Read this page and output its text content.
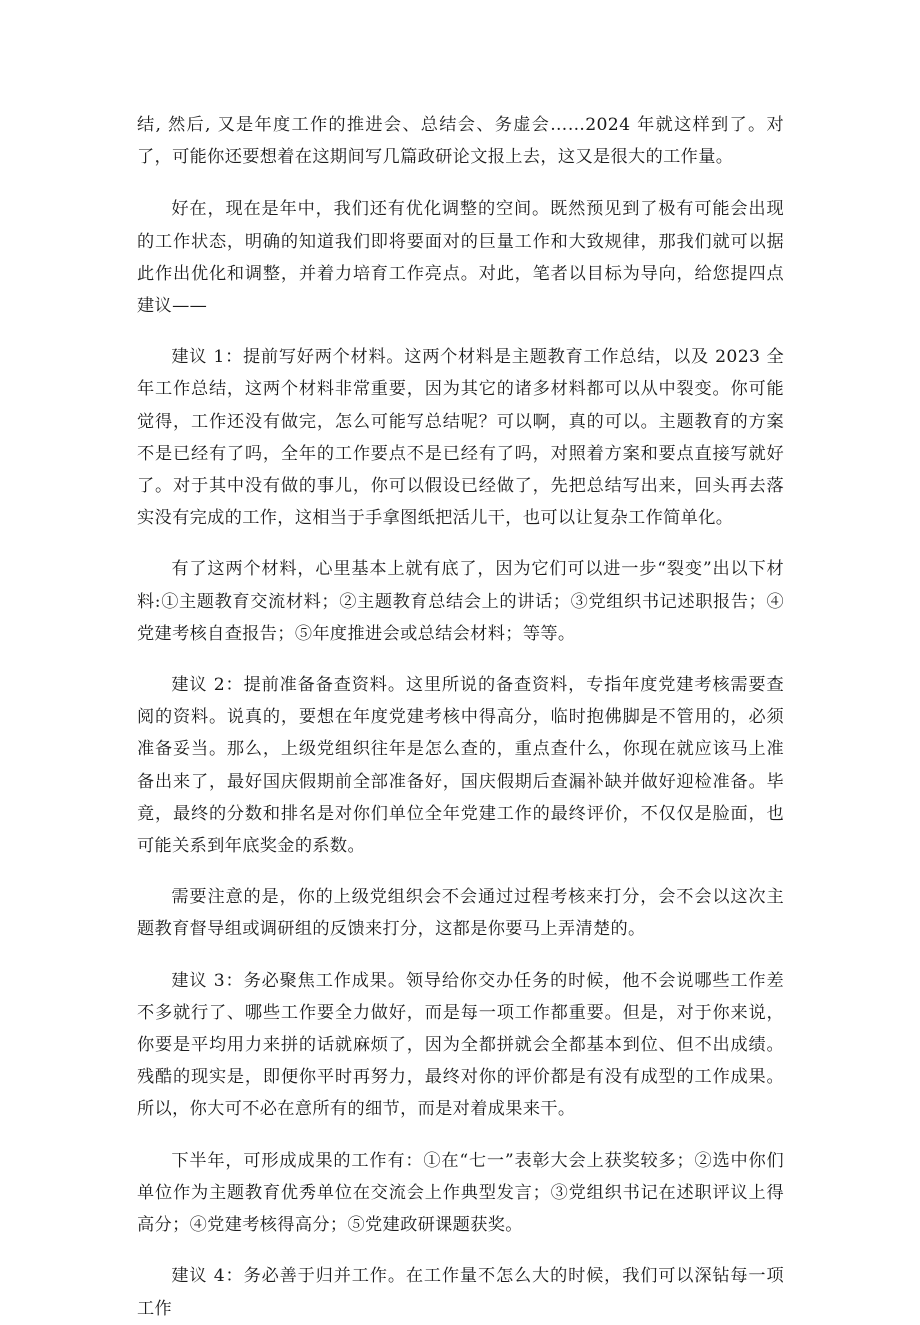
结, 然后, 又是年度工作的推进会、总结会、务虚会……2024 年就这样到了。对了，可能你还要想着在这期间写几篇政研论文报上去，这又是很大的工作量。

好在，现在是年中，我们还有优化调整的空间。既然预见到了极有可能会出现的工作状态，明确的知道我们即将要面对的巨量工作和大致规律，那我们就可以据此作出优化和调整，并着力培育工作亮点。对此，笔者以目标为导向，给您提四点建议——

建议 1：提前写好两个材料。这两个材料是主题教育工作总结，以及 2023 全年工作总结，这两个材料非常重要，因为其它的诸多材料都可以从中裂变。你可能觉得，工作还没有做完，怎么可能写总结呢？可以啊，真的可以。主题教育的方案不是已经有了吗，全年的工作要点不是已经有了吗，对照着方案和要点直接写就好了。对于其中没有做的事儿，你可以假设已经做了，先把总结写出来，回头再去落实没有完成的工作，这相当于手拿图纸把活儿干，也可以让复杂工作简单化。

有了这两个材料，心里基本上就有底了，因为它们可以进一步“裂变”出以下材料:①主题教育交流材料；②主题教育总结会上的讲话；③党组织书记述职报告；④党建考核自查报告；⑤年度推进会或总结会材料；等等。

建议 2：提前准备备查资料。这里所说的备查资料，专指年度党建考核需要查阅的资料。说真的，要想在年度党建考核中得高分，临时抱佛脚是不管用的，必须准备妥当。那么，上级党组织往年是怎么查的，重点查什么，你现在就应该马上准备出来了，最好国庆假期前全部准备好，国庆假期后查漏补缺并做好迎检准备。毕竟，最终的分数和排名是对你们单位全年党建工作的最终评价，不仅仅是脸面，也可能关系到年底奖金的系数。

需要注意的是，你的上级党组织会不会通过过程考核来打分，会不会以这次主题教育督导组或调研组的反馈来打分，这都是你要马上弄清楚的。

建议 3：务必聚焦工作成果。领导给你交办任务的时候，他不会说哪些工作差不多就行了、哪些工作要全力做好，而是每一项工作都重要。但是，对于你来说，你要是平均用力来拼的话就麻烦了，因为全都拼就会全都基本到位、但不出成绩。残酷的现实是，即便你平时再努力，最终对你的评价都是有没有成型的工作成果。所以，你大可不必在意所有的细节，而是对着成果来干。

下半年，可形成成果的工作有：①在“七一”表彰大会上获奖较多；②选中你们单位作为主题教育优秀单位在交流会上作典型发言；③党组织书记在述职评议上得高分；④党建考核得高分；⑤党建政研课题获奖。

建议 4：务必善于归并工作。在工作量不怎么大的时候，我们可以深钻每一项工作
